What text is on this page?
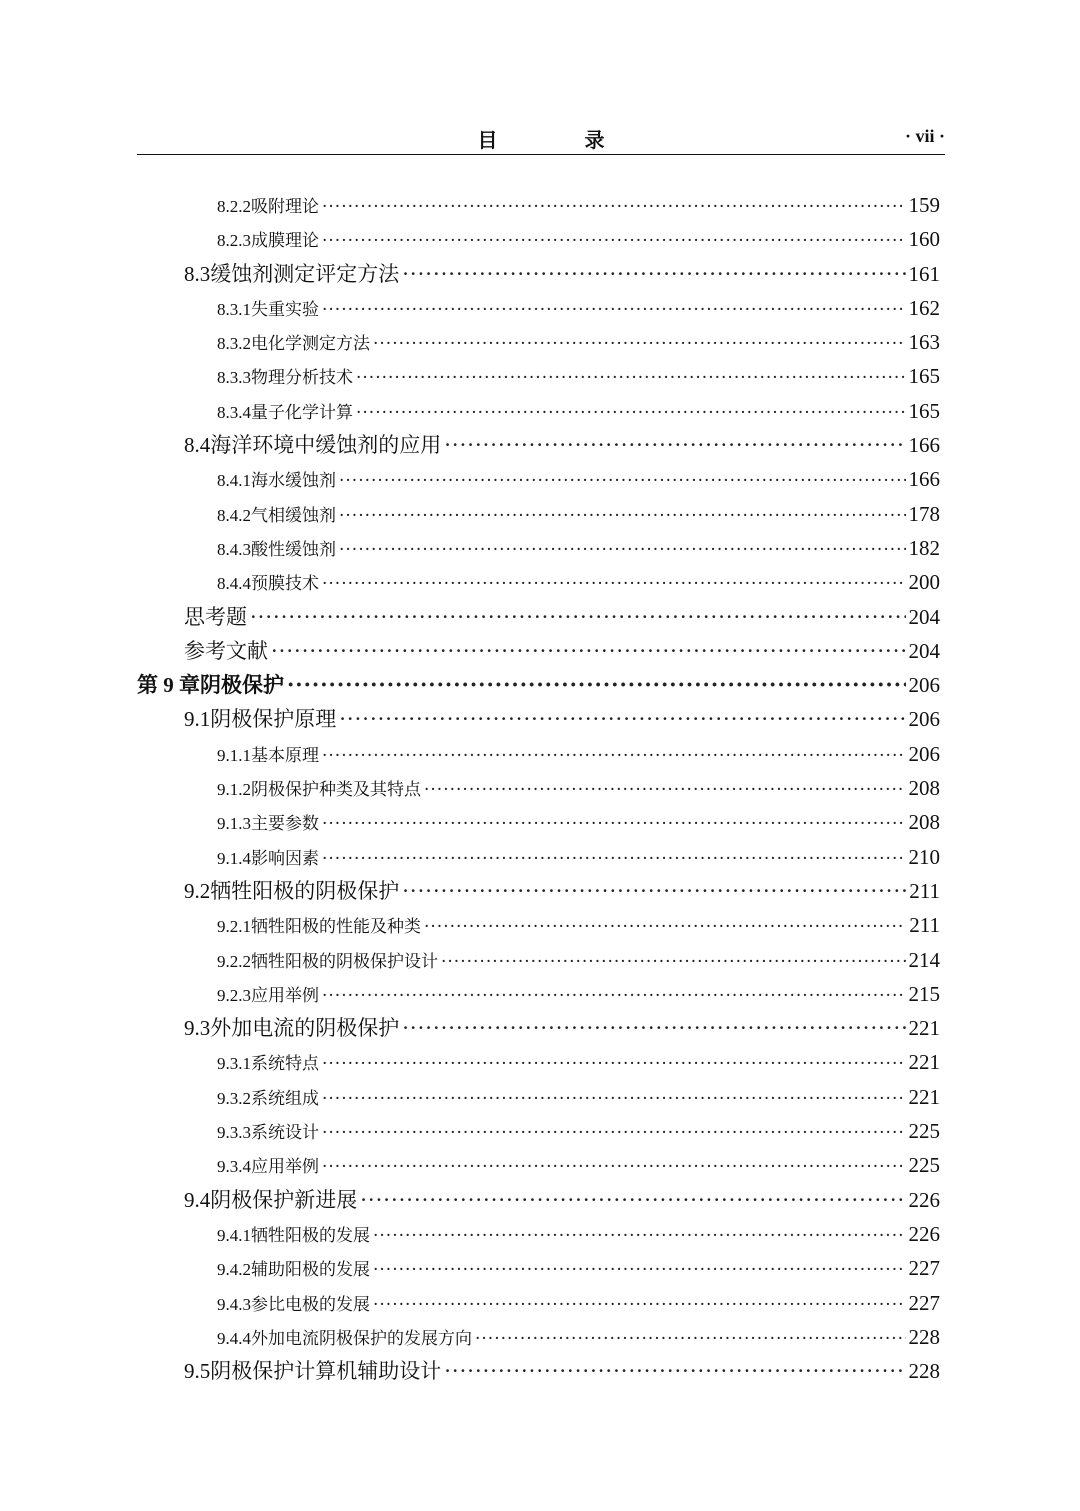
目 录	· vii ·
8.2.2 吸附理论 ·····	159
8.2.3 成膜理论 ·····	160
8.3 缓蚀剂测定评定方法 ·····	161
8.3.1 失重实验 ·····	162
8.3.2 电化学测定方法 ·····	163
8.3.3 物理分析技术 ·····	165
8.3.4 量子化学计算 ·····	165
8.4 海洋环境中缓蚀剂的应用 ·····	166
8.4.1 海水缓蚀剂 ·····	166
8.4.2 气相缓蚀剂 ·····	178
8.4.3 酸性缓蚀剂 ·····	182
8.4.4 预膜技术 ·····	200
思考题 ·····	204
参考文献 ·····	204
第 9 章 阴极保护 ·····	206
9.1 阴极保护原理 ·····	206
9.1.1 基本原理 ·····	206
9.1.2 阴极保护种类及其特点 ·····	208
9.1.3 主要参数 ·····	208
9.1.4 影响因素 ·····	210
9.2 牺牲阳极的阴极保护 ·····	211
9.2.1 牺牲阳极的性能及种类 ·····	211
9.2.2 牺牲阳极的阴极保护设计 ·····	214
9.2.3 应用举例 ·····	215
9.3 外加电流的阴极保护 ·····	221
9.3.1 系统特点 ·····	221
9.3.2 系统组成 ·····	221
9.3.3 系统设计 ·····	225
9.3.4 应用举例 ·····	225
9.4 阴极保护新进展 ·····	226
9.4.1 牺牲阳极的发展 ·····	226
9.4.2 辅助阳极的发展 ·····	227
9.4.3 参比电极的发展 ·····	227
9.4.4 外加电流阴极保护的发展方向 ·····	228
9.5 阴极保护计算机辅助设计 ·····	228
